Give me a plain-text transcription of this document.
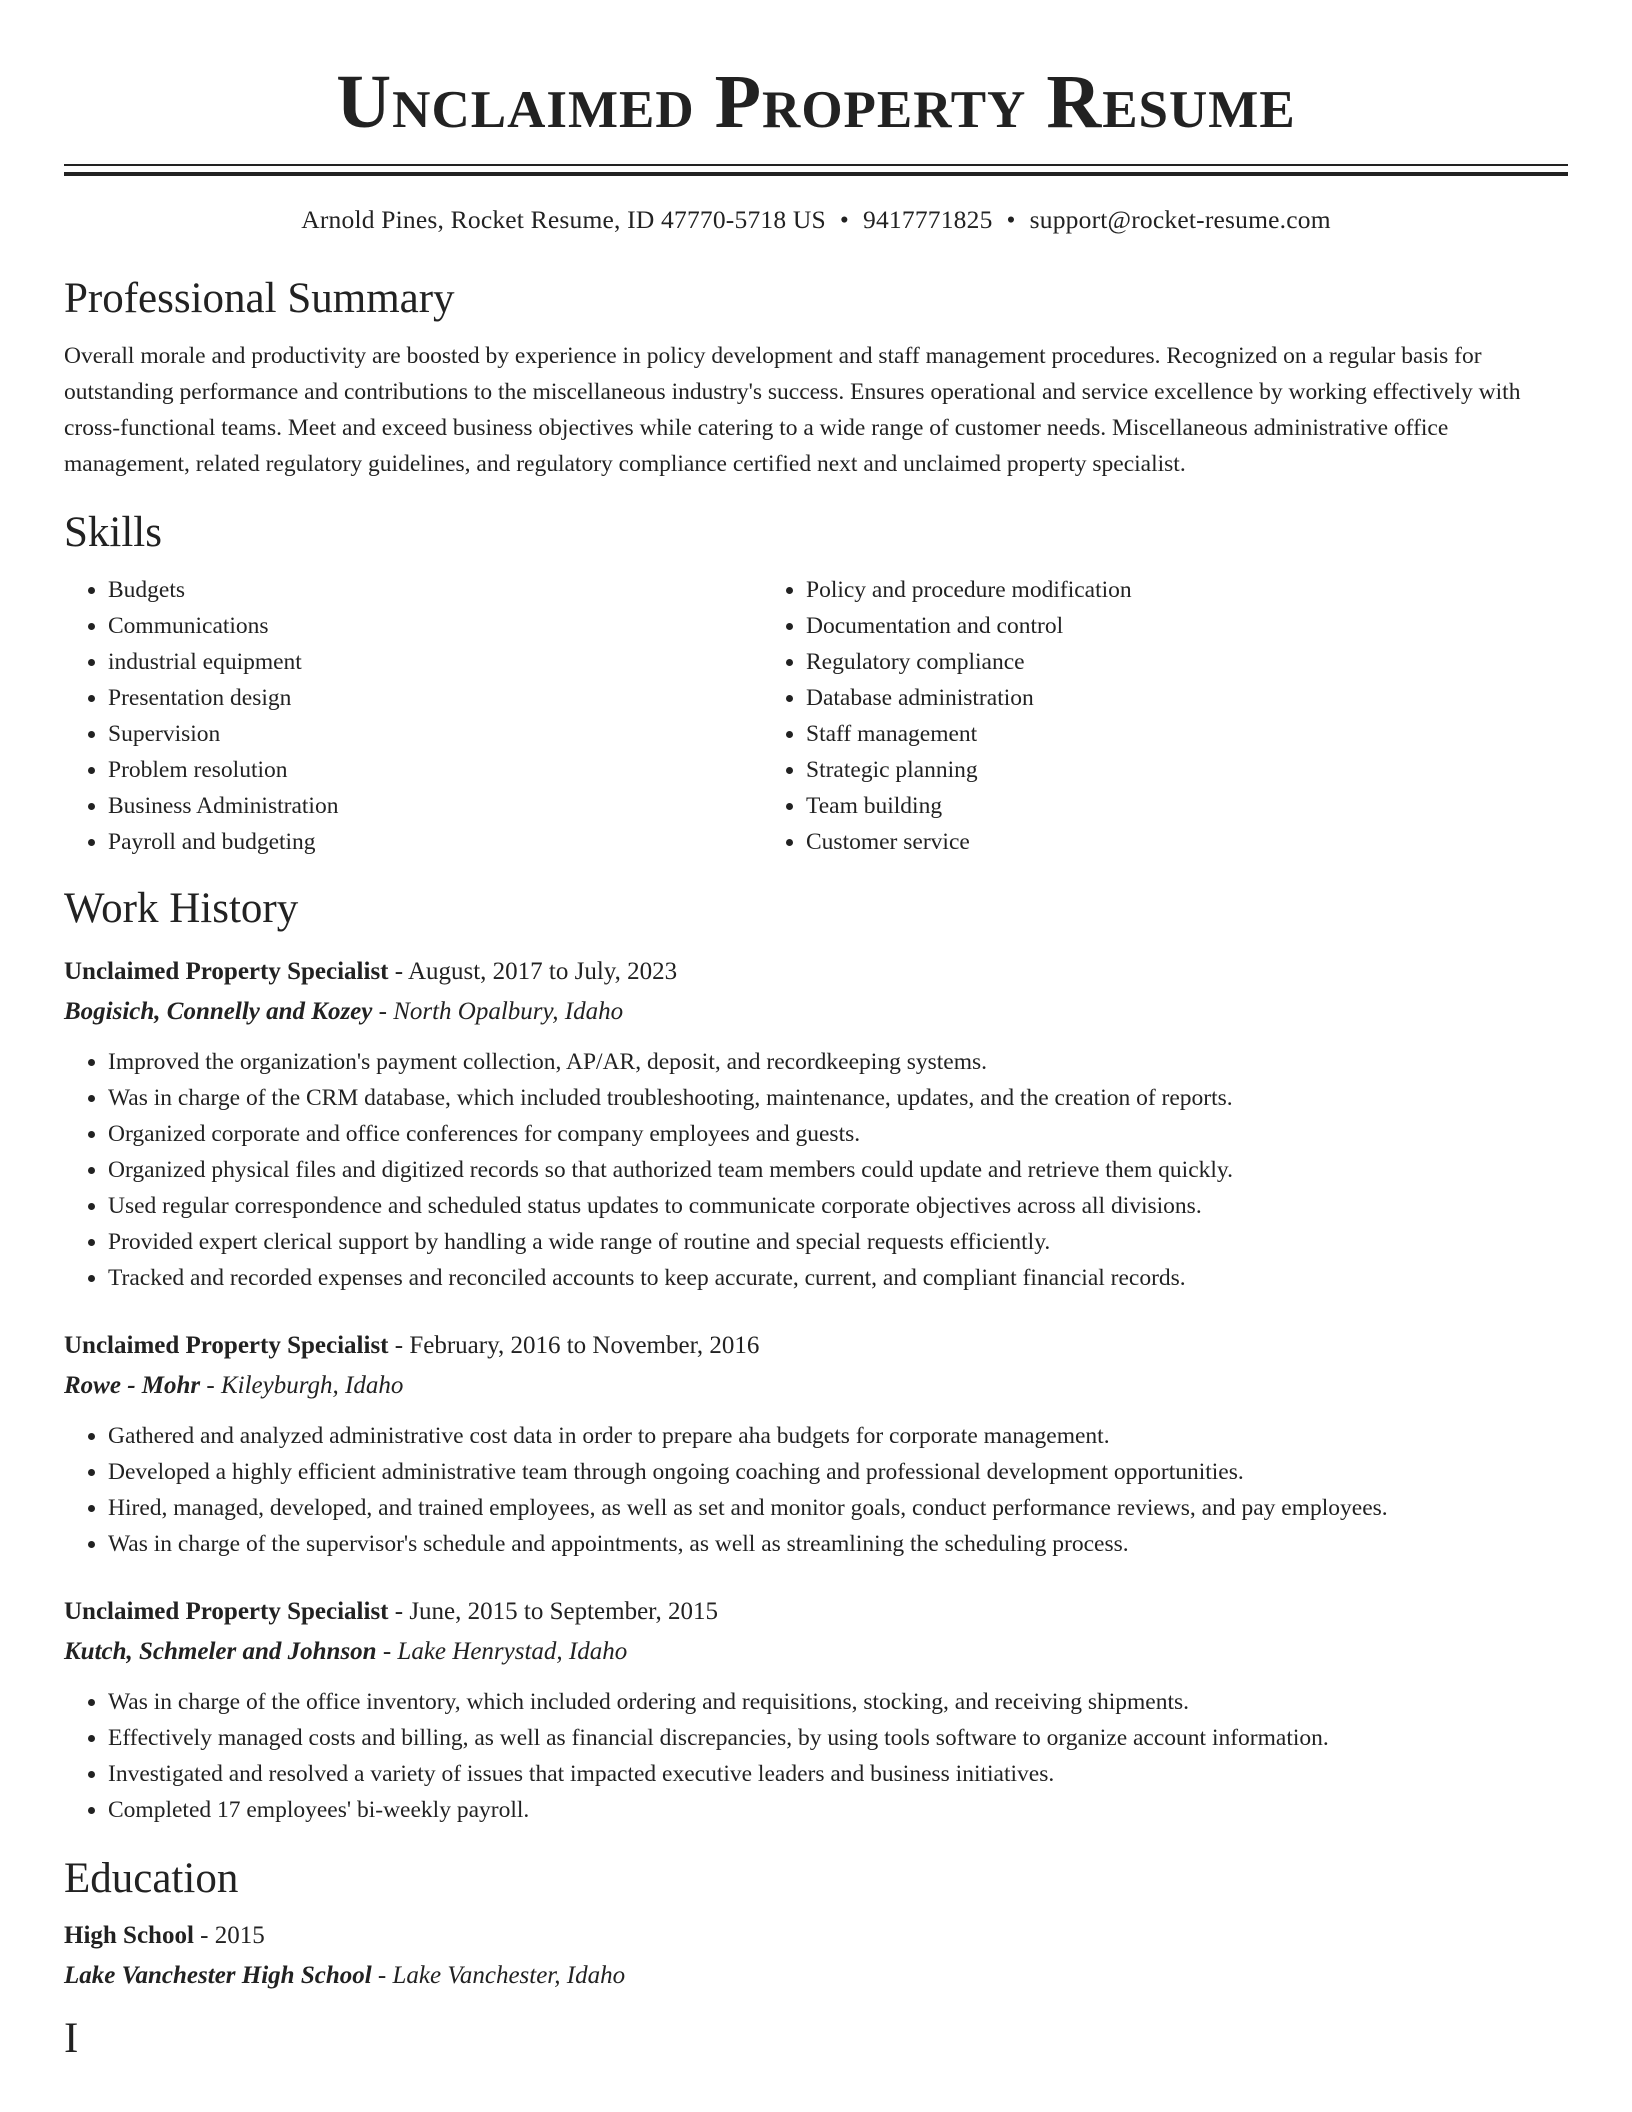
Unclaimed Property Resume
Arnold Pines, Rocket Resume, ID 47770-5718 US • 9417771825 • support@rocket-resume.com
Professional Summary

Overall morale and productivity are boosted by experience in policy development and staff management procedures. Recognized on a regular basis for outstanding performance and contributions to the miscellaneous industry's success. Ensures operational and service excellence by working effectively with cross-functional teams. Meet and exceed business objectives while catering to a wide range of customer needs. Miscellaneous administrative office management, related regulatory guidelines, and regulatory compliance certified next and unclaimed property specialist.

Skills
• Budgets
• Communications
• industrial equipment
• Presentation design
• Supervision
• Problem resolution
• Business Administration
• Payroll and budgeting
• Policy and procedure modification
• Documentation and control
• Regulatory compliance
• Database administration
• Staff management
• Strategic planning
• Team building
• Customer service
Work History
Unclaimed Property Specialist - August, 2017 to July, 2023
Bogisich, Connelly and Kozey - North Opalbury, Idaho
• Improved the organization's payment collection, AP/AR, deposit, and recordkeeping systems.
• Was in charge of the CRM database, which included troubleshooting, maintenance, updates, and the creation of reports.
• Organized corporate and office conferences for company employees and guests.
• Organized physical files and digitized records so that authorized team members could update and retrieve them quickly.
• Used regular correspondence and scheduled status updates to communicate corporate objectives across all divisions.
• Provided expert clerical support by handling a wide range of routine and special requests efficiently.
• Tracked and recorded expenses and reconciled accounts to keep accurate, current, and compliant financial records.
Unclaimed Property Specialist - February, 2016 to November, 2016
Rowe - Mohr - Kileyburgh, Idaho
• Gathered and analyzed administrative cost data in order to prepare aha budgets for corporate management.
• Developed a highly efficient administrative team through ongoing coaching and professional development opportunities.
• Hired, managed, developed, and trained employees, as well as set and monitor goals, conduct performance reviews, and pay employees.
• Was in charge of the supervisor's schedule and appointments, as well as streamlining the scheduling process.
Unclaimed Property Specialist - June, 2015 to September, 2015
Kutch, Schmeler and Johnson - Lake Henrystad, Idaho
• Was in charge of the office inventory, which included ordering and requisitions, stocking, and receiving shipments.
• Effectively managed costs and billing, as well as financial discrepancies, by using tools software to organize account information.
• Investigated and resolved a variety of issues that impacted executive leaders and business initiatives.
• Completed 17 employees' bi-weekly payroll.
Education
High School - 2015
Lake Vanchester High School - Lake Vanchester, Idaho
I
